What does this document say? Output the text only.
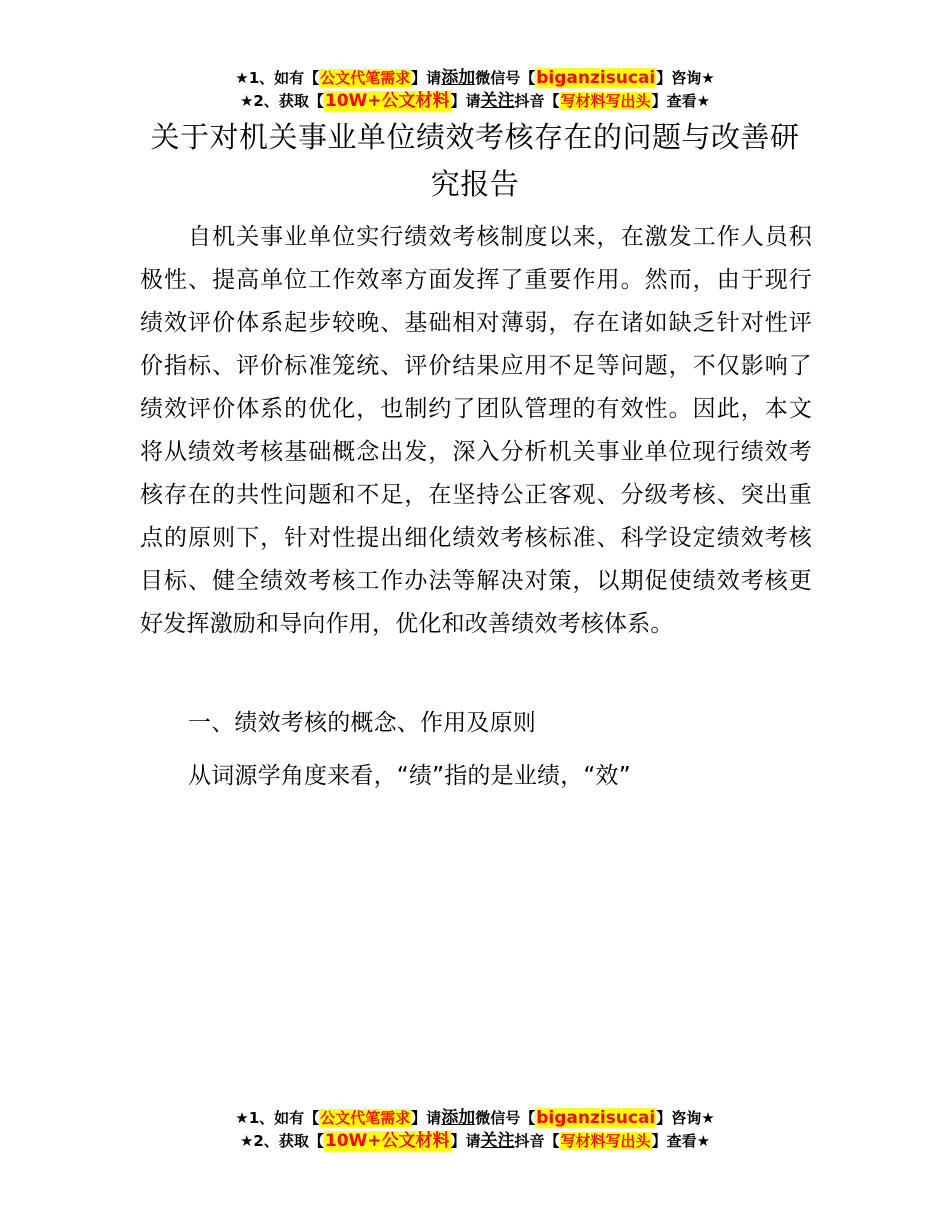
★1、如有【公文代笔需求】请添加微信号【biganzisucai】咨询★
★2、获取【10W+公文材料】请关注抖音【写材料写出头】查看★
关于对机关事业单位绩效考核存在的问题与改善研究报告
自机关事业单位实行绩效考核制度以来，在激发工作人员积极性、提高单位工作效率方面发挥了重要作用。然而，由于现行绩效评价体系起步较晚、基础相对薄弱，存在诸如缺乏针对性评价指标、评价标准笼统、评价结果应用不足等问题，不仅影响了绩效评价体系的优化，也制约了团队管理的有效性。因此，本文将从绩效考核基础概念出发，深入分析机关事业单位现行绩效考核存在的共性问题和不足，在坚持公正客观、分级考核、突出重点的原则下，针对性提出细化绩效考核标准、科学设定绩效考核目标、健全绩效考核工作办法等解决对策，以期促使绩效考核更好发挥激励和导向作用，优化和改善绩效考核体系。
一、绩效考核的概念、作用及原则
从词源学角度来看，“绩”指的是业绩，“效”
★1、如有【公文代笔需求】请添加微信号【biganzisucai】咨询★
★2、获取【10W+公文材料】请关注抖音【写材料写出头】查看★
